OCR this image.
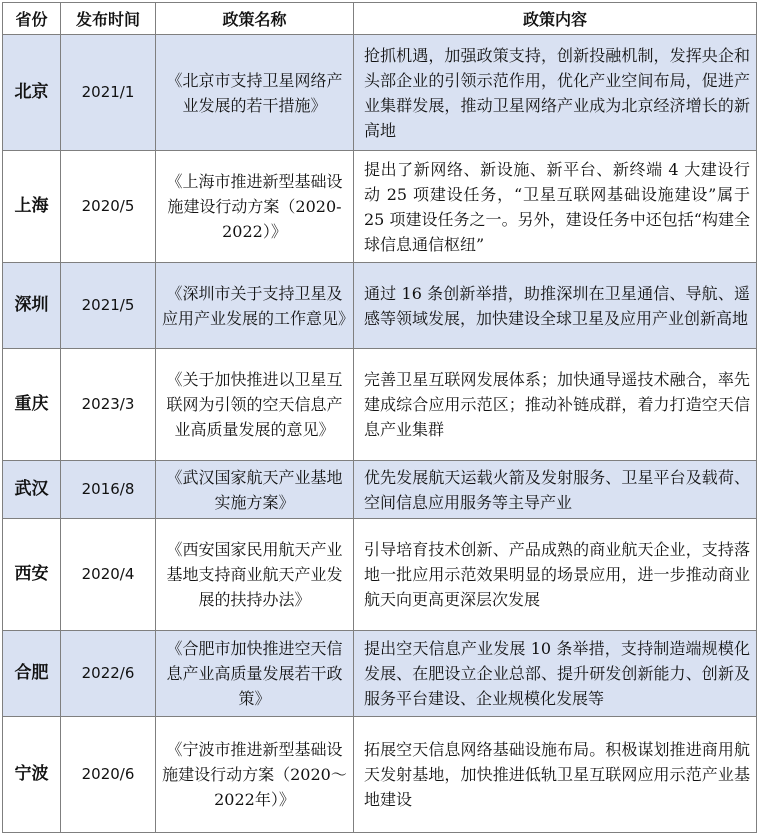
省份	发布时间	政策名称	政策内容
北京	2021/1	《北京市支持卫星网络产业发展的若干措施》	抢抓机遇，加强政策支持，创新投融机制，发挥央企和头部企业的引领示范作用，优化产业空间布局，促进产业集群发展，推动卫星网络产业成为北京经济增长的新高地
上海	2020/5	《上海市推进新型基础设施建设行动方案（2020-2022）》	提出了新网络、新设施、新平台、新终端 4 大建设行动 25 项建设任务，“卫星互联网基础设施建设”属于 25 项建设任务之一。另外，建设任务中还包括“构建全球信息通信枢纽”
深圳	2021/5	《深圳市关于支持卫星及应用产业发展的工作意见》	通过 16 条创新举措，助推深圳在卫星通信、导航、遥感等领域发展，加快建设全球卫星及应用产业创新高地
重庆	2023/3	《关于加快推进以卫星互联网为引领的空天信息产业高质量发展的意见》	完善卫星互联网发展体系；加快通导遥技术融合，率先建成综合应用示范区；推动补链成群，着力打造空天信息产业集群
武汉	2016/8	《武汉国家航天产业基地实施方案》	优先发展航天运载火箭及发射服务、卫星平台及载荷、空间信息应用服务等主导产业
西安	2020/4	《西安国家民用航天产业基地支持商业航天产业发展的扶持办法》	引导培育技术创新、产品成熟的商业航天企业，支持落地一批应用示范效果明显的场景应用，进一步推动商业航天向更高更深层次发展
合肥	2022/6	《合肥市加快推进空天信息产业高质量发展若干政策》	提出空天信息产业发展 10 条举措，支持制造端规模化发展、在肥设立企业总部、提升研发创新能力、创新及服务平台建设、企业规模化发展等
宁波	2020/6	《宁波市推进新型基础设施建设行动方案（2020～2022年）》	拓展空天信息网络基础设施布局。积极谋划推进商用航天发射基地，加快推进低轨卫星互联网应用示范产业基地建设
